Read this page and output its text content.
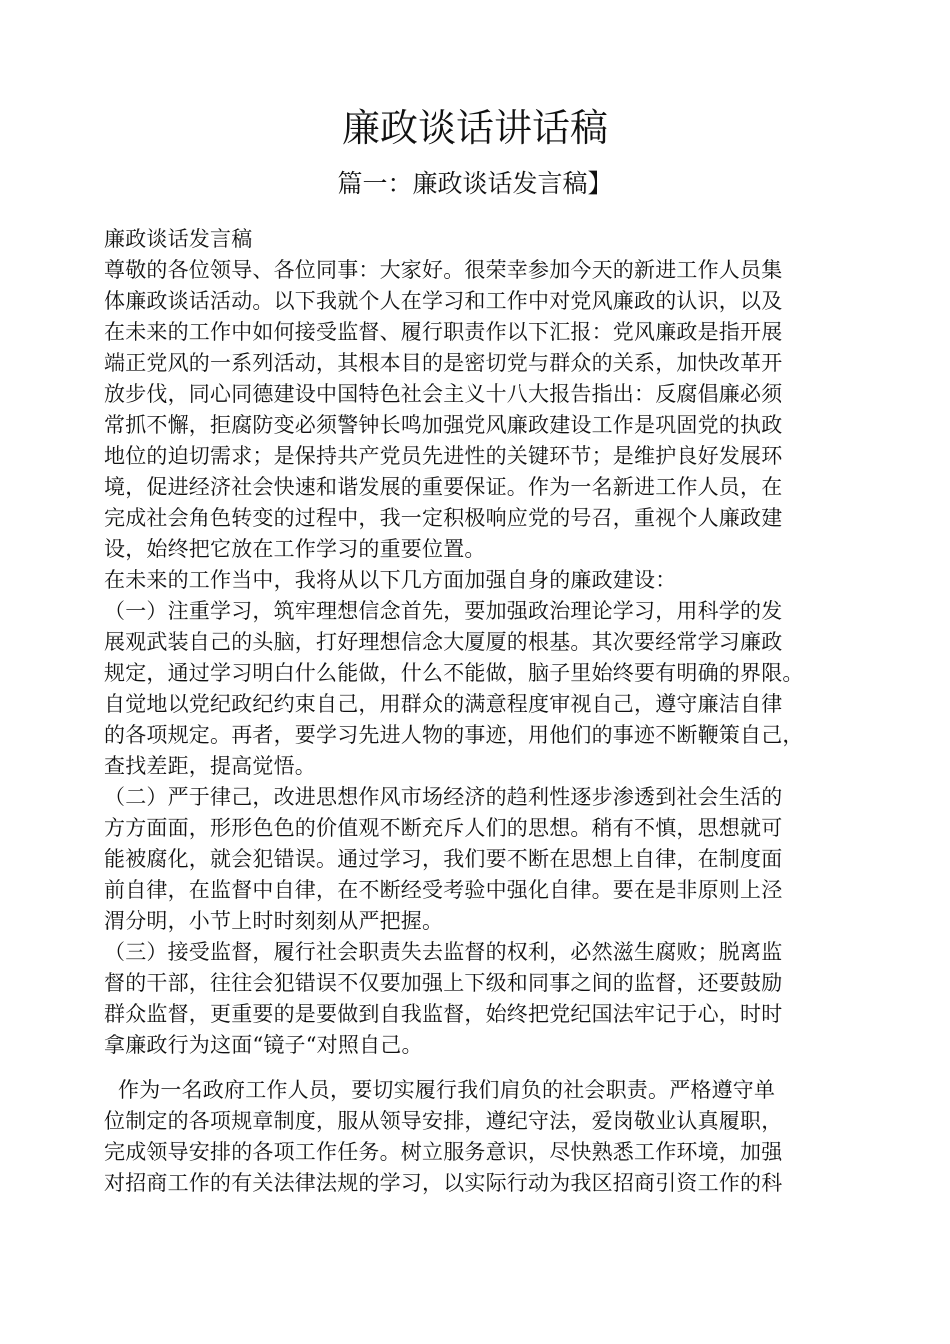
廉政谈话讲话稿
篇一：廉政谈话发言稿】
廉政谈话发言稿
尊敬的各位领导、各位同事：大家好。很荣幸参加今天的新进工作人员集
体廉政谈话活动。以下我就个人在学习和工作中对党风廉政的认识，以及
在未来的工作中如何接受监督、履行职责作以下汇报：党风廉政是指开展
端正党风的一系列活动，其根本目的是密切党与群众的关系，加快改革开
放步伐，同心同德建设中国特色社会主义十八大报告指出：反腐倡廉必须
常抓不懈，拒腐防变必须警钟长鸣加强党风廉政建设工作是巩固党的执政
地位的迫切需求；是保持共产党员先进性的关键环节；是维护良好发展环
境，促进经济社会快速和谐发展的重要保证。作为一名新进工作人员，在
完成社会角色转变的过程中，我一定积极响应党的号召，重视个人廉政建
设，始终把它放在工作学习的重要位置。
在未来的工作当中，我将从以下几方面加强自身的廉政建设：
（一）注重学习，筑牢理想信念首先，要加强政治理论学习，用科学的发
展观武装自己的头脑，打好理想信念大厦厦的根基。其次要经常学习廉政
规定，通过学习明白什么能做，什么不能做，脑子里始终要有明确的界限。
自觉地以党纪政纪约束自己，用群众的满意程度审视自己，遵守廉洁自律
的各项规定。再者，要学习先进人物的事迹，用他们的事迹不断鞭策自己，
查找差距，提高觉悟。
（二）严于律己，改进思想作风市场经济的趋利性逐步渗透到社会生活的
方方面面，形形色色的价值观不断充斥人们的思想。稍有不慎，思想就可
能被腐化，就会犯错误。通过学习，我们要不断在思想上自律，在制度面
前自律，在监督中自律，在不断经受考验中强化自律。要在是非原则上泾
渭分明，小节上时时刻刻从严把握。
（三）接受监督，履行社会职责失去监督的权利，必然滋生腐败；脱离监
督的干部，往往会犯错误不仅要加强上下级和同事之间的监督，还要鼓励
群众监督，更重要的是要做到自我监督，始终把党纪国法牢记于心，时时
拿廉政行为这面“镜子“对照自己。
作为一名政府工作人员，要切实履行我们肩负的社会职责。严格遵守单
位制定的各项规章制度，服从领导安排，遵纪守法，爱岗敬业认真履职，
完成领导安排的各项工作任务。树立服务意识，尽快熟悉工作环境，加强
对招商工作的有关法律法规的学习，以实际行动为我区招商引资工作的科
